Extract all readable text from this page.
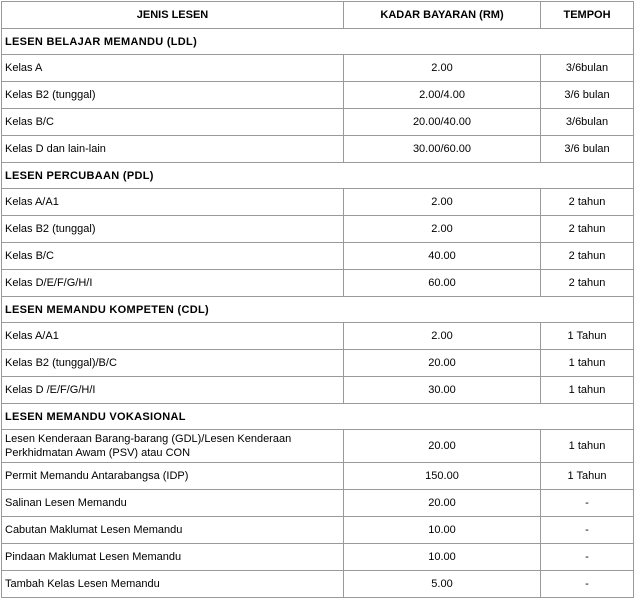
JENIS LESEN	KADAR BAYARAN (RM)	TEMPOH
LESEN BELAJAR MEMANDU (LDL)		
Kelas A	2.00	3/6bulan
Kelas B2 (tunggal)	2.00/4.00	3/6 bulan
Kelas B/C	20.00/40.00	3/6bulan
Kelas D dan lain-lain	30.00/60.00	3/6 bulan
LESEN PERCUBAAN (PDL)		
Kelas A/A1	2.00	2 tahun
Kelas B2 (tunggal)	2.00	2 tahun
Kelas B/C	40.00	2 tahun
Kelas D/E/F/G/H/I	60.00	2 tahun
LESEN MEMANDU KOMPETEN (CDL)		
Kelas A/A1	2.00	1 Tahun
Kelas B2 (tunggal)/B/C	20.00	1 tahun
Kelas D /E/F/G/H/I	30.00	1 tahun
LESEN MEMANDU VOKASIONAL		
Lesen Kenderaan Barang-barang (GDL)/Lesen Kenderaan Perkhidmatan Awam (PSV) atau CON	20.00	1 tahun
Permit Memandu Antarabangsa (IDP)	150.00	1 Tahun
Salinan Lesen Memandu	20.00	-
Cabutan Maklumat Lesen Memandu	10.00	-
Pindaan Maklumat Lesen Memandu	10.00	-
Tambah Kelas Lesen Memandu	5.00	-
